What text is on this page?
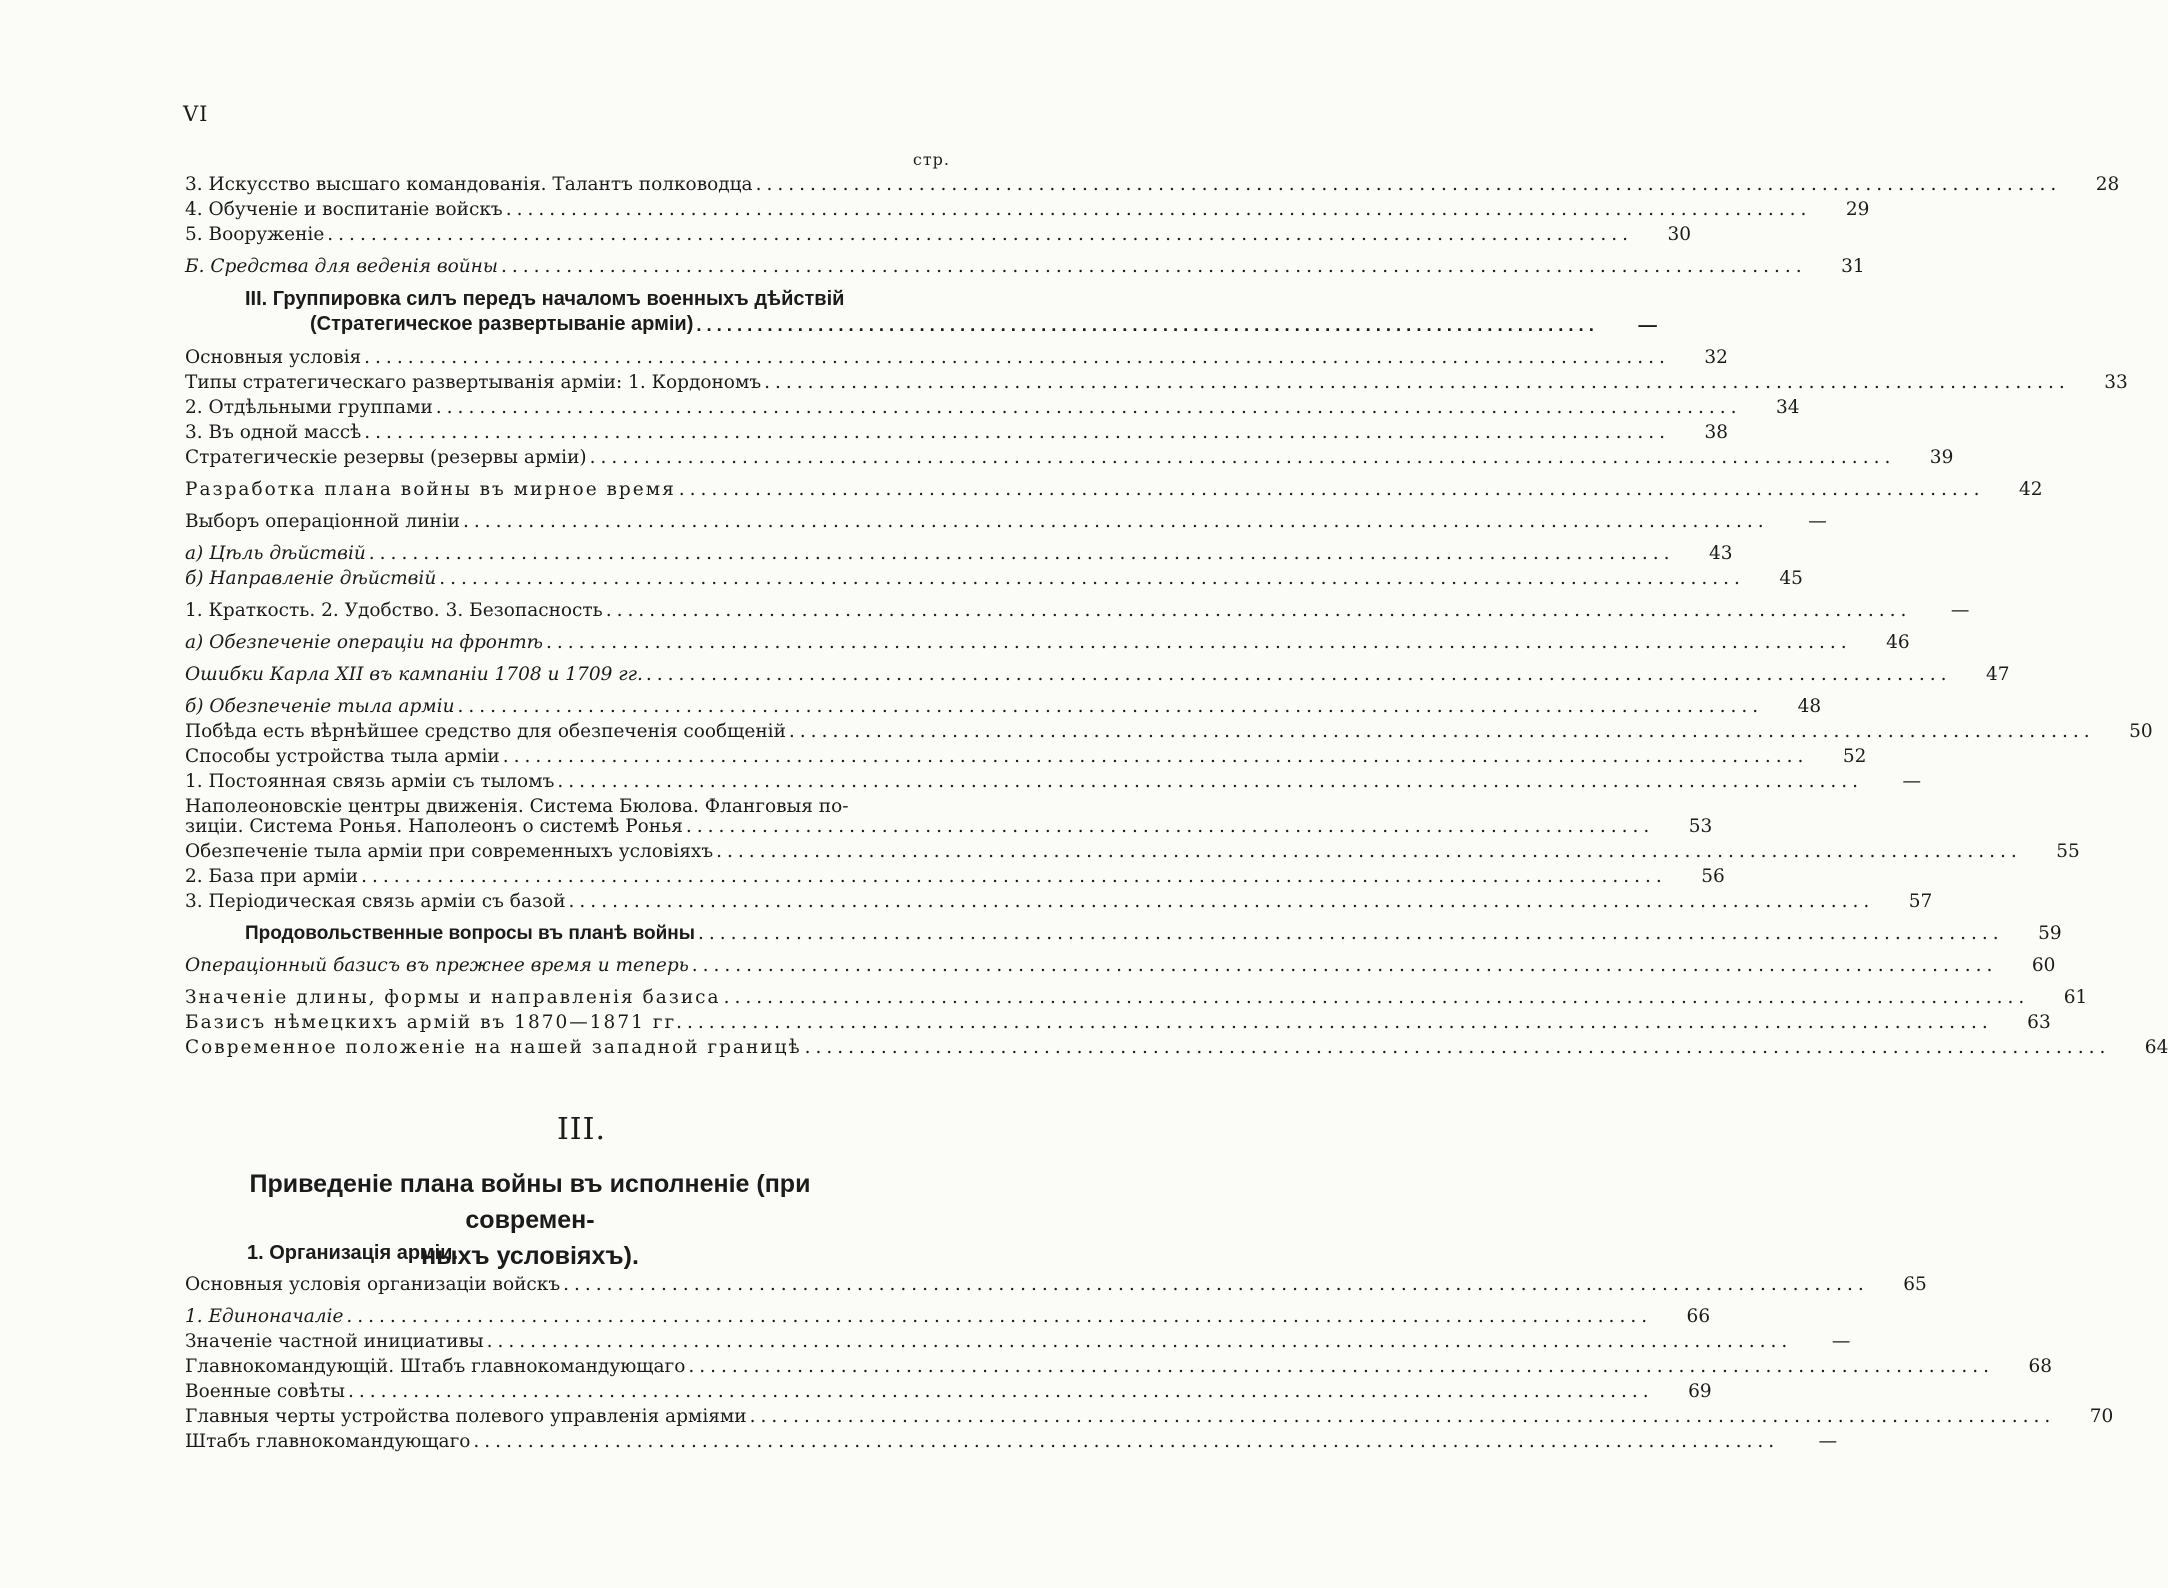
VI
стр.
3. Искусство высшаго командованія. Талантъ полководца ........................................................................................................................	28
4. Обученіе и воспитаніе войскъ ........................................................................................................................	29
5. Вооруженіе ........................................................................................................................	30
Б. Средства для веденія войны ........................................................................................................................	31
III. Группировка силъ передъ началомъ военныхъ дѣйствій
(Стратегическое развертываніе арміи) .........................................................................................	—
Основныя условія ........................................................................................................................	32
Типы стратегическаго развертыванія арміи: 1. Кордономъ ........................................................................................................................	33
2. Отдѣльными группами ........................................................................................................................	34
3. Въ одной массѣ ........................................................................................................................	38
Стратегическіе резервы (резервы арміи) ........................................................................................................................	39
Разработка плана войны въ мирное время ........................................................................................................................	42
Выборъ операціонной линіи ........................................................................................................................	—
а) Цѣль дѣйствій ........................................................................................................................	43
б) Направленіе дѣйствій ........................................................................................................................	45
1. Краткость. 2. Удобство. 3. Безопасность ........................................................................................................................	—
а) Обезпеченіе операціи на фронтѣ ........................................................................................................................	46
Ошибки Карла XII въ кампаніи 1708 и 1709 гг. ........................................................................................................................	47
б) Обезпеченіе тыла арміи ........................................................................................................................	48
Побѣда есть вѣрнѣйшее средство для обезпеченія сообщеній ........................................................................................................................	50
Способы устройства тыла арміи ........................................................................................................................	52
1. Постоянная связь арміи съ тыломъ ........................................................................................................................	—
Наполеоновскіе центры движенія. Система Бюлова. Фланговыя по-
зиціи. Система Ронья. Наполеонъ о системѣ Ронья .........................................................................................	53
Обезпеченіе тыла арміи при современныхъ условіяхъ ........................................................................................................................	55
2. База при арміи ........................................................................................................................	56
3. Періодическая связь арміи съ базой ........................................................................................................................	57
Продовольственные вопросы въ планѣ войны ........................................................................................................................	59
Операціонный базисъ въ прежнее время и теперь ........................................................................................................................	60
Значеніе длины, формы и направленія базиса ........................................................................................................................	61
Базисъ нѣмецкихъ армій въ 1870—1871 гг. ........................................................................................................................	63
Современное положеніе на нашей западной границѣ ........................................................................................................................	64
III.
Приведеніе плана войны въ исполненіе (при современ-
ныхъ условіяхъ).
1. Организація арміи.
Основныя условія организаціи войскъ ........................................................................................................................	65
1. Единоначаліе ........................................................................................................................	66
Значеніе частной инициативы ........................................................................................................................	—
Главнокомандующій. Штабъ главнокомандующаго ........................................................................................................................	68
Военные совѣты ........................................................................................................................	69
Главныя черты устройства полевого управленія арміями ........................................................................................................................	70
Штабъ главнокомандующаго ........................................................................................................................	—
